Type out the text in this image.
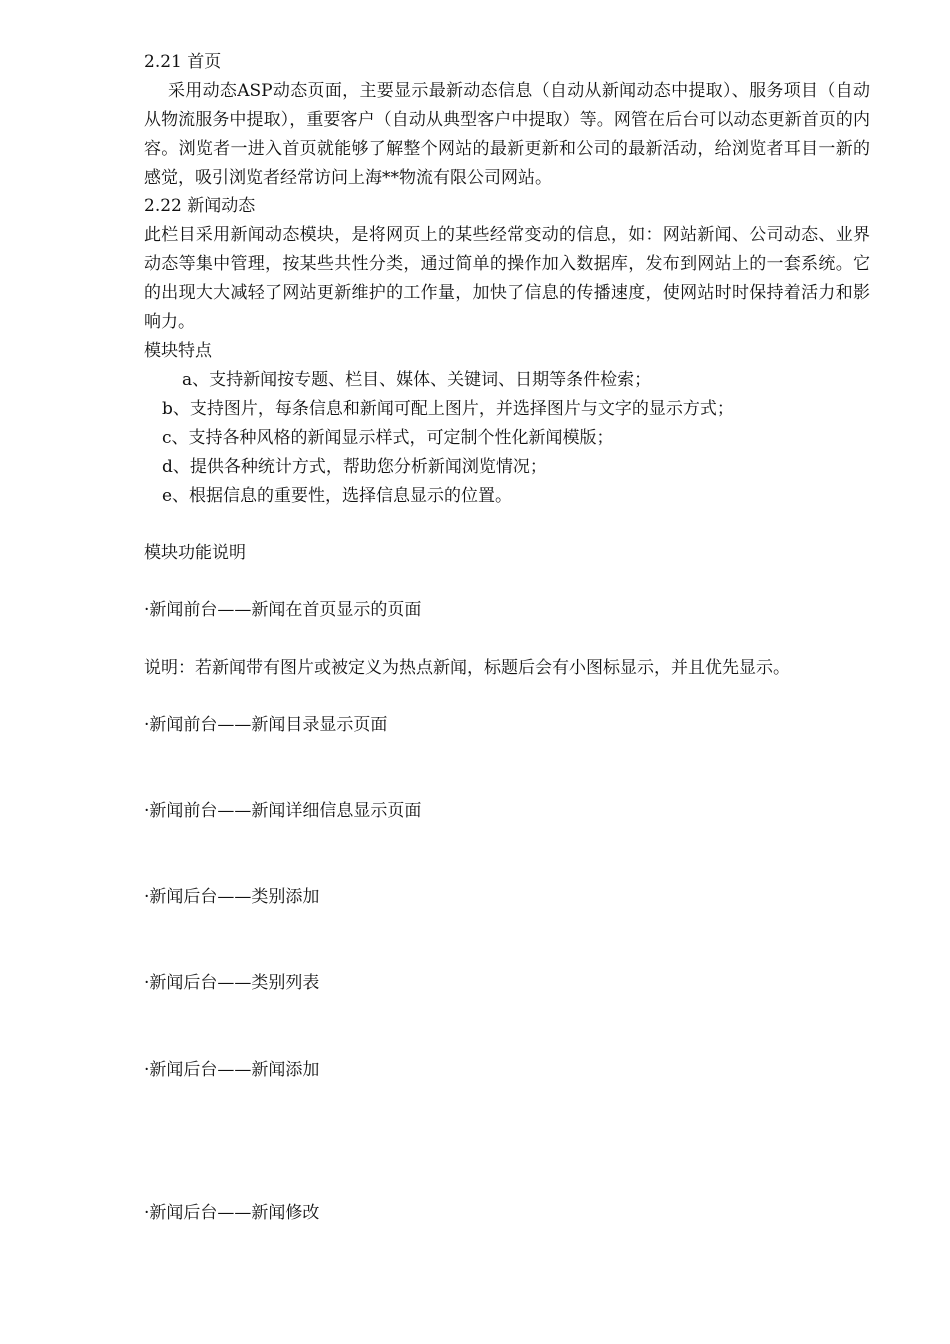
2.21 首页
采用动态ASP动态页面，主要显示最新动态信息（自动从新闻动态中提取）、服务项目（自动从物流服务中提取），重要客户（自动从典型客户中提取）等。网管在后台可以动态更新首页的内容。浏览者一进入首页就能够了解整个网站的最新更新和公司的最新活动，给浏览者耳目一新的感觉，吸引浏览者经常访问上海**物流有限公司网站。
2.22 新闻动态
此栏目采用新闻动态模块，是将网页上的某些经常变动的信息，如：网站新闻、公司动态、业界动态等集中管理，按某些共性分类，通过简单的操作加入数据库，发布到网站上的一套系统。它的出现大大减轻了网站更新维护的工作量，加快了信息的传播速度，使网站时时保持着活力和影响力。
模块特点
a、支持新闻按专题、栏目、媒体、关键词、日期等条件检索；
b、支持图片，每条信息和新闻可配上图片，并选择图片与文字的显示方式；
c、支持各种风格的新闻显示样式，可定制个性化新闻模版；
d、提供各种统计方式，帮助您分析新闻浏览情况；
e、根据信息的重要性，选择信息显示的位置。
模块功能说明
·新闻前台——新闻在首页显示的页面
说明：若新闻带有图片或被定义为热点新闻，标题后会有小图标显示，并且优先显示。
·新闻前台——新闻目录显示页面
·新闻前台——新闻详细信息显示页面
·新闻后台——类别添加
·新闻后台——类别列表
·新闻后台——新闻添加
·新闻后台——新闻修改
